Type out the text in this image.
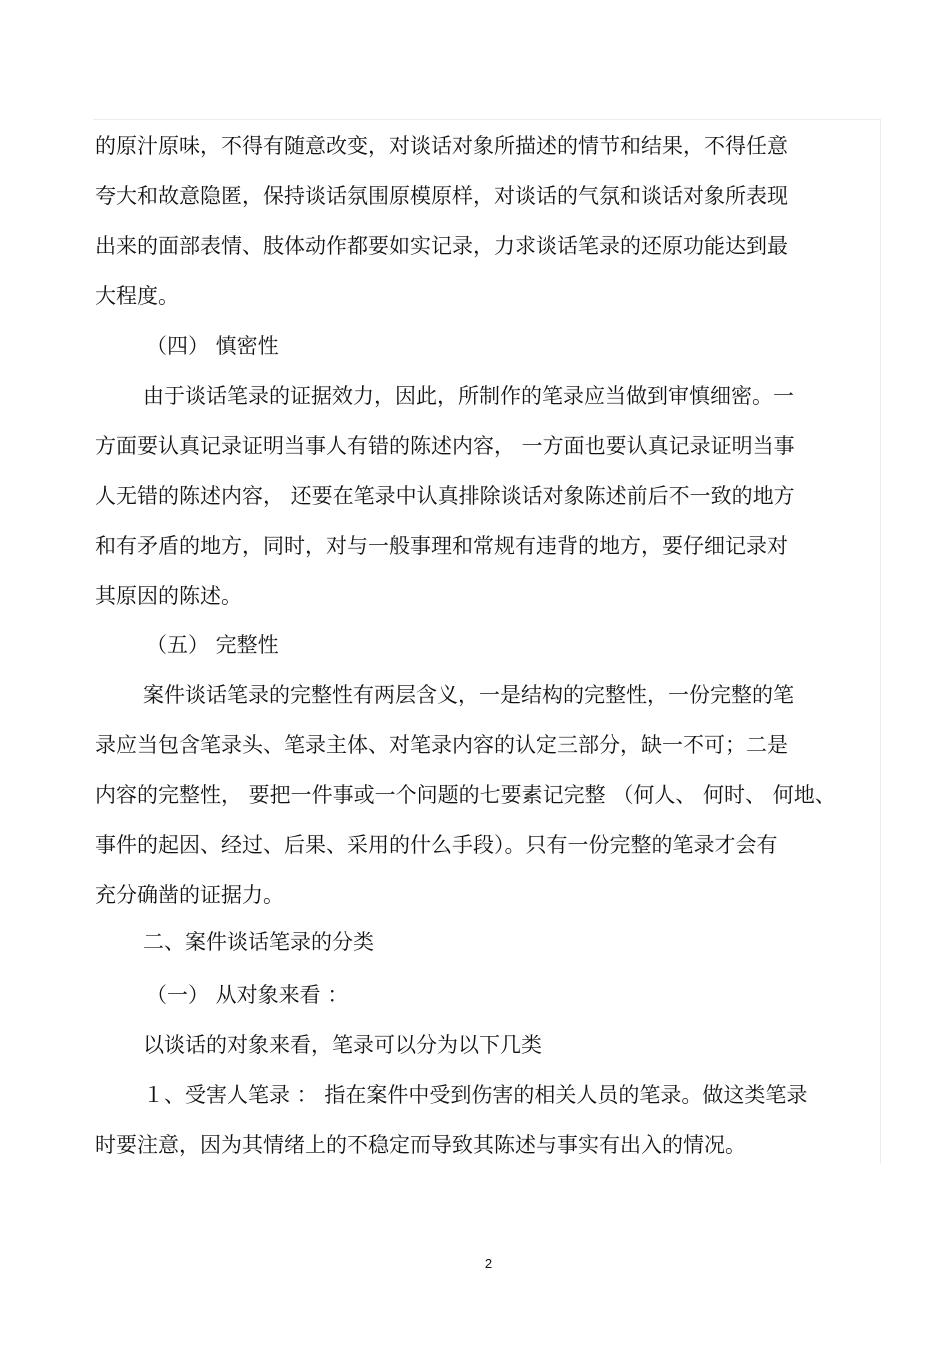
的原汁原味，不得有随意改变，对谈话对象所描述的情节和结果，不得任意
夸大和故意隐匿，保持谈话氛围原模原样，对谈话的气氛和谈话对象所表现
出来的面部表情、肢体动作都要如实记录，力求谈话笔录的还原功能达到最
大程度。
（四） 慎密性
由于谈话笔录的证据效力，因此，所制作的笔录应当做到审慎细密。一
方面要认真记录证明当事人有错的陈述内容， 一方面也要认真记录证明当事
人无错的陈述内容， 还要在笔录中认真排除谈话对象陈述前后不一致的地方
和有矛盾的地方，同时，对与一般事理和常规有违背的地方，要仔细记录对
其原因的陈述。
（五） 完整性
案件谈话笔录的完整性有两层含义，一是结构的完整性，一份完整的笔
录应当包含笔录头、笔录主体、对笔录内容的认定三部分，缺一不可；二是
内容的完整性， 要把一件事或一个问题的七要素记完整 （何人、 何时、 何地、
事件的起因、经过、后果、采用的什么手段）。只有一份完整的笔录才会有
充分确凿的证据力。
二、案件谈话笔录的分类
（一） 从对象来看 ：
以谈话的对象来看，笔录可以分为以下几类
１、受害人笔录 ： 指在案件中受到伤害的相关人员的笔录。做这类笔录
时要注意，因为其情绪上的不稳定而导致其陈述与事实有出入的情况。
2
